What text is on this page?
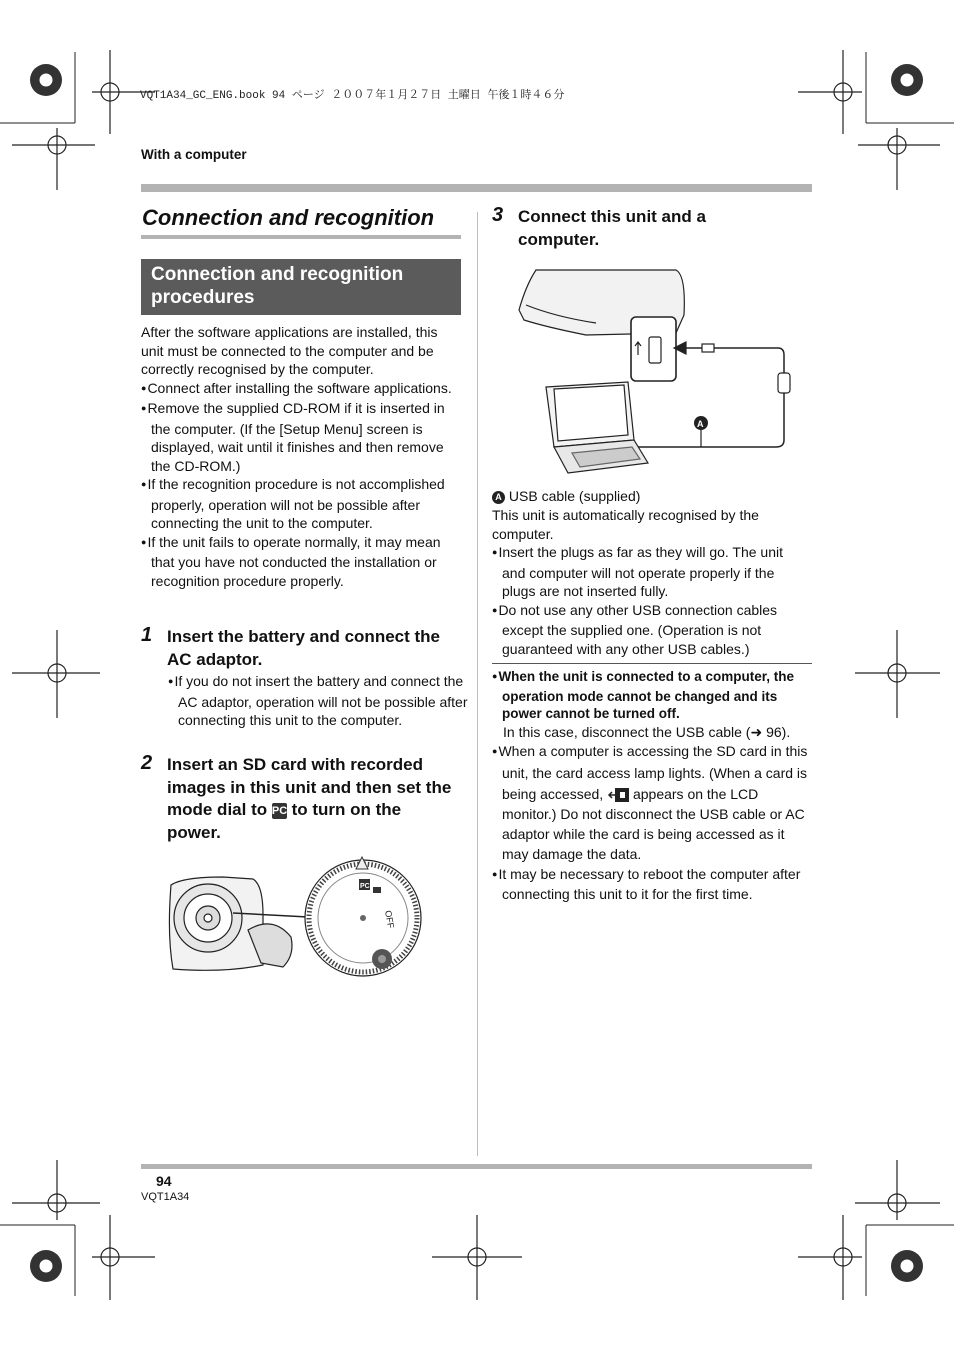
VQT1A34_GC_ENG.book 94 ページ ２００７年１月２７日 土曜日 午後１時４６分
With a computer
Connection and recognition
Connection and recognition procedures
After the software applications are installed, this unit must be connected to the computer and be correctly recognised by the computer.
● Connect after installing the software applications.
● Remove the supplied CD-ROM if it is inserted in the computer. (If the [Setup Menu] screen is displayed, wait until it finishes and then remove the CD-ROM.)
● If the recognition procedure is not accomplished properly, operation will not be possible after connecting the unit to the computer.
● If the unit fails to operate normally, it may mean that you have not conducted the installation or recognition procedure properly.
1 Insert the battery and connect the AC adaptor.
● If you do not insert the battery and connect the AC adaptor, operation will not be possible after connecting this unit to the computer.
2 Insert an SD card with recorded images in this unit and then set the mode dial to PC to turn on the power.
PC
OFF
3 Connect this unit and a computer.
A
A USB cable (supplied)
This unit is automatically recognised by the computer.
● Insert the plugs as far as they will go. The unit and computer will not operate properly if the plugs are not inserted fully.
● Do not use any other USB connection cables except the supplied one. (Operation is not guaranteed with any other USB cables.)
● When the unit is connected to a computer, the operation mode cannot be changed and its power cannot be turned off.
In this case, disconnect the USB cable (➜ 96).
● When a computer is accessing the SD card in this unit, the card access lamp lights. (When a card is being accessed, appears on the LCD monitor.) Do not disconnect the USB cable or AC adaptor while the card is being accessed as it may damage the data.
● It may be necessary to reboot the computer after connecting this unit to it for the first time.
94
VQT1A34
